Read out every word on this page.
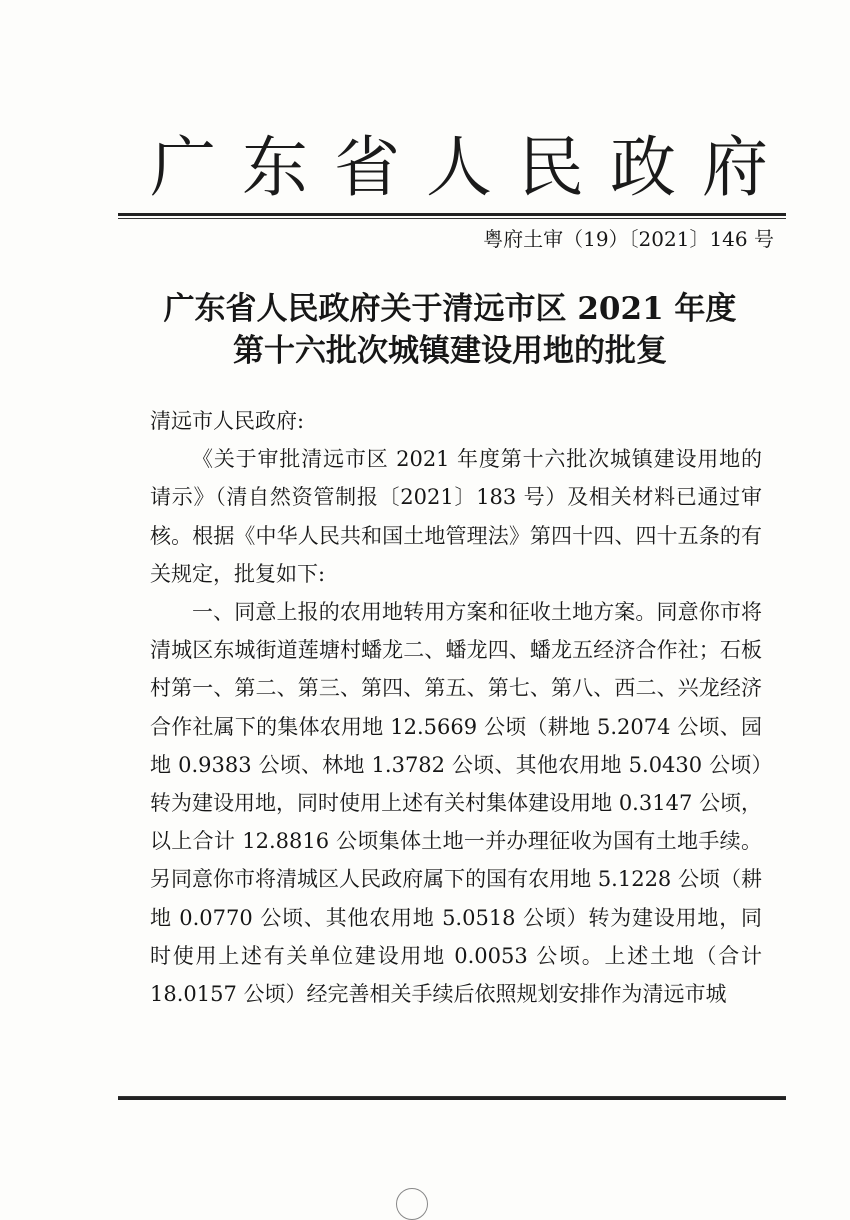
广 东 省 人 民 政 府
粤府土审（19）〔2021〕146 号
广东省人民政府关于清远市区 2021 年度
第十六批次城镇建设用地的批复

清远市人民政府:

《关于审批清远市区 2021 年度第十六批次城镇建设用地的请示》（清自然资管制报〔2021〕183 号）及相关材料已通过审核。根据《中华人民共和国土地管理法》第四十四、四十五条的有关规定，批复如下:

一、同意上报的农用地转用方案和征收土地方案。同意你市将清城区东城街道莲塘村蟠龙二、蟠龙四、蟠龙五经济合作社；石板村第一、第二、第三、第四、第五、第七、第八、西二、兴龙经济合作社属下的集体农用地 12.5669 公顷（耕地 5.2074 公顷、园地 0.9383 公顷、林地 1.3782 公顷、其他农用地 5.0430 公顷）转为建设用地，同时使用上述有关村集体建设用地 0.3147 公顷，以上合计 12.8816 公顷集体土地一并办理征收为国有土地手续。另同意你市将清城区人民政府属下的国有农用地 5.1228 公顷（耕地 0.0770 公顷、其他农用地 5.0518 公顷）转为建设用地，同时使用上述有关单位建设用地 0.0053 公顷。上述土地（合计 18.0157 公顷）经完善相关手续后依照规划安排作为清远市城
